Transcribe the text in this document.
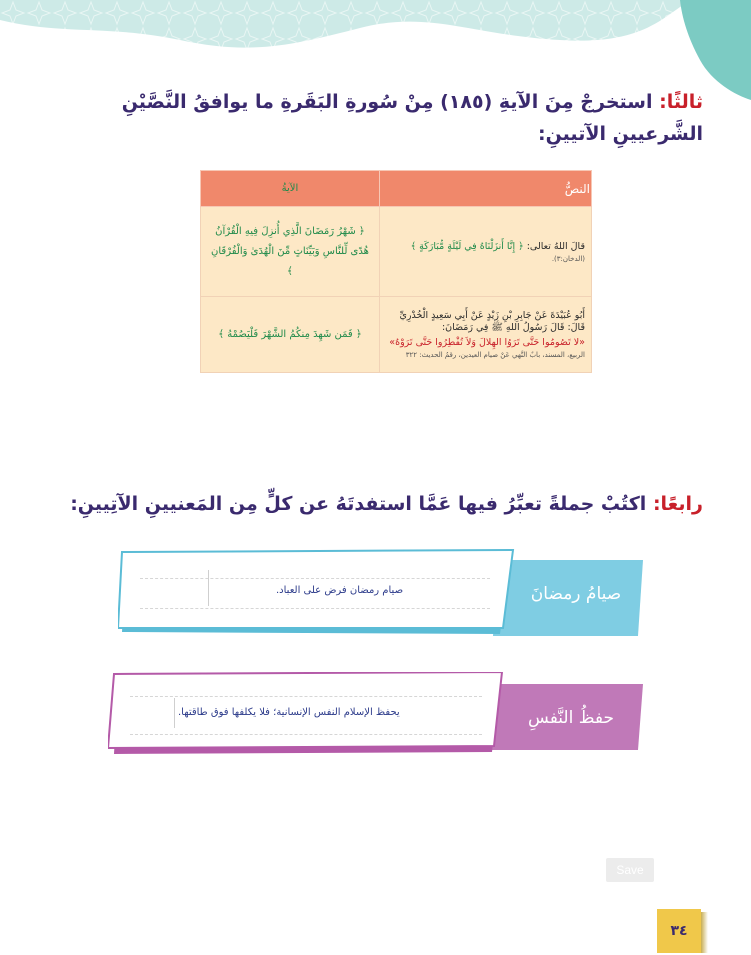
ثالثًا: استخرجْ مِنَ الآيةِ (١٨٥) مِنْ سُورةِ البَقَرةِ ما يوافقُ النَّصَّيْنِ الشَّرعيينِ الآتيينِ:
النصُّ	الآيةُ
قالَ اللهُ تعالى: ﴿ إِنَّا أَنزَلْنَاهُ فِي لَيْلَةٍ مُّبَارَكَةٍ ﴾
(الدخان:٣).	﴿ شَهْرُ رَمَضَانَ الَّذِي أُنزِلَ فِيهِ الْقُرْآنُ هُدًى لِّلنَّاسِ وَبَيِّنَاتٍ مِّنَ الْهُدَىٰ وَالْفُرْقَانِ ﴾
أَبُو عُبَيْدَةَ عَنْ جَابِرِ بْنِ زَيْدٍ عَنْ أَبِي سَعِيدٍ الْخُدْرِيِّ قَالَ: قَالَ رَسُولُ اللهِ ﷺ فِي رَمَضَانَ:
«لا تَصُومُوا حَتَّى تَرَوُا الهِلالَ وَلاَ تُفْطِرُوا حَتَّى تَرَوْهُ»
الربيع، المسند، بابٌ النَّهي عَنْ صيام العيدين، رقمُ الحديث: ٣٢٢	﴿ فَمَن شَهِدَ مِنكُمُ الشَّهْرَ فَلْيَصُمْهُ ﴾
رابعًا: اكتُبْ جملةً تعبِّرُ فيها عَمَّا استفدتَهُ عن كلٍّ مِن المَعنيينِ الآتِيينِ:
صيامُ رمضانَ
صيام رمضان فرض على العباد.
حفظُ النَّفسِ
يحفظ الإسلام النفس الإنسانية؛ فلا يكلفها فوق طاقتها.
Save
٣٤
